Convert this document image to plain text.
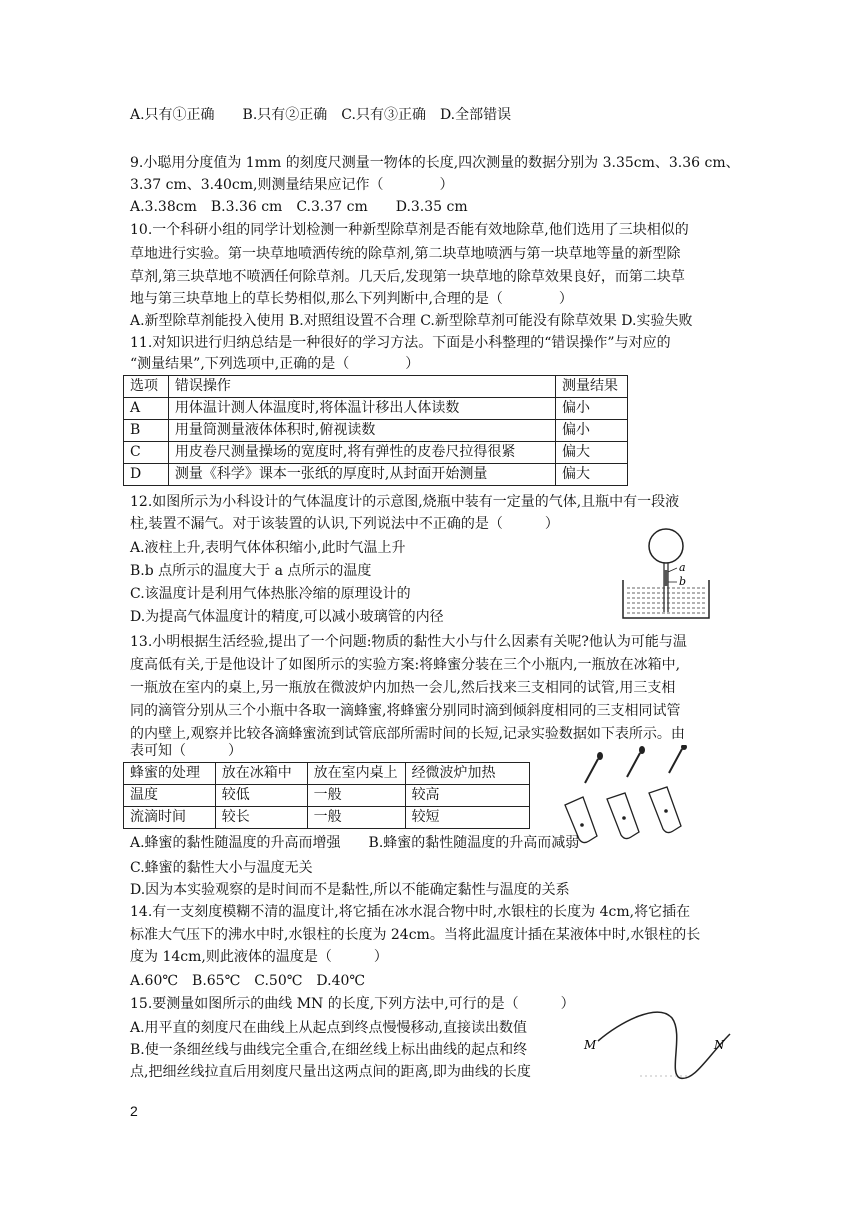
A.只有①正确　　B.只有②正确　C.只有③正确　D.全部错误
9.小聪用分度值为 1mm 的刻度尺测量一物体的长度,四次测量的数据分别为 3.35cm、3.36 cm、
3.37 cm、3.40cm,则测量结果应记作（　　　　）
A.3.38cm　B.3.36 cm　C.3.37 cm　　D.3.35 cm
10.一个科研小组的同学计划检测一种新型除草剂是否能有效地除草,他们选用了三块相似的
草地进行实验。第一块草地喷洒传统的除草剂,第二块草地喷洒与第一块草地等量的新型除
草剂,第三块草地不喷洒任何除草剂。几天后,发现第一块草地的除草效果良好，而第二块草
地与第三块草地上的草长势相似,那么下列判断中,合理的是（　　　　）
A.新型除草剂能投入使用 B.对照组设置不合理 C.新型除草剂可能没有除草效果 D.实验失败
11.对知识进行归纳总结是一种很好的学习方法。下面是小科整理的“错误操作”与对应的
“测量结果”,下列选项中,正确的是（　　　　）
选项	错误操作	测量结果
A	用体温计测人体温度时,将体温计移出人体读数	偏小
B	用量筒测量液体体积时,俯视读数	偏小
C	用皮卷尺测量操场的宽度时,将有弹性的皮卷尺拉得很紧	偏大
D	测量《科学》课本一张纸的厚度时,从封面开始测量	偏大
12.如图所示为小科设计的气体温度计的示意图,烧瓶中装有一定量的气体,且瓶中有一段液
柱,装置不漏气。对于该装置的认识,下列说法中不正确的是（　　　）
A.液柱上升,表明气体体积缩小,此时气温上升
B.b 点所示的温度大于 a 点所示的温度
C.该温度计是利用气体热胀冷缩的原理设计的
D.为提高气体温度计的精度,可以减小玻璃管的内径
a
b
13.小明根据生活经验,提出了一个问题:物质的黏性大小与什么因素有关呢?他认为可能与温
度高低有关,于是他设计了如图所示的实验方案:将蜂蜜分装在三个小瓶内,一瓶放在冰箱中,
一瓶放在室内的桌上,另一瓶放在微波炉内加热一会儿,然后找来三支相同的试管,用三支相
同的滴管分别从三个小瓶中各取一滴蜂蜜,将蜂蜜分别同时滴到倾斜度相同的三支相同试管
的内壁上,观察并比较各滴蜂蜜流到试管底部所需时间的长短,记录实验数据如下表所示。由
表可知（　　　）
蜂蜜的处理	放在冰箱中	放在室内桌上	经微波炉加热
温度	较低	一般	较高
流滴时间	较长	一般	较短
A.蜂蜜的黏性随温度的升高而增强　　B.蜂蜜的黏性随温度的升高而减弱
C.蜂蜜的黏性大小与温度无关
D.因为本实验观察的是时间而不是黏性,所以不能确定黏性与温度的关系
14.有一支刻度模糊不清的温度计,将它插在冰水混合物中时,水银柱的长度为 4cm,将它插在
标准大气压下的沸水中时,水银柱的长度为 24cm。当将此温度计插在某液体中时,水银柱的长
度为 14cm,则此液体的温度是（　　　）
A.60℃　B.65℃　C.50℃　D.40℃
15.要测量如图所示的曲线 MN 的长度,下列方法中,可行的是（　　　）
A.用平直的刻度尺在曲线上从起点到终点慢慢移动,直接读出数值
B.使一条细丝线与曲线完全重合,在细丝线上标出曲线的起点和终
点,把细丝线拉直后用刻度尺量出这两点间的距离,即为曲线的长度
M	N
2
